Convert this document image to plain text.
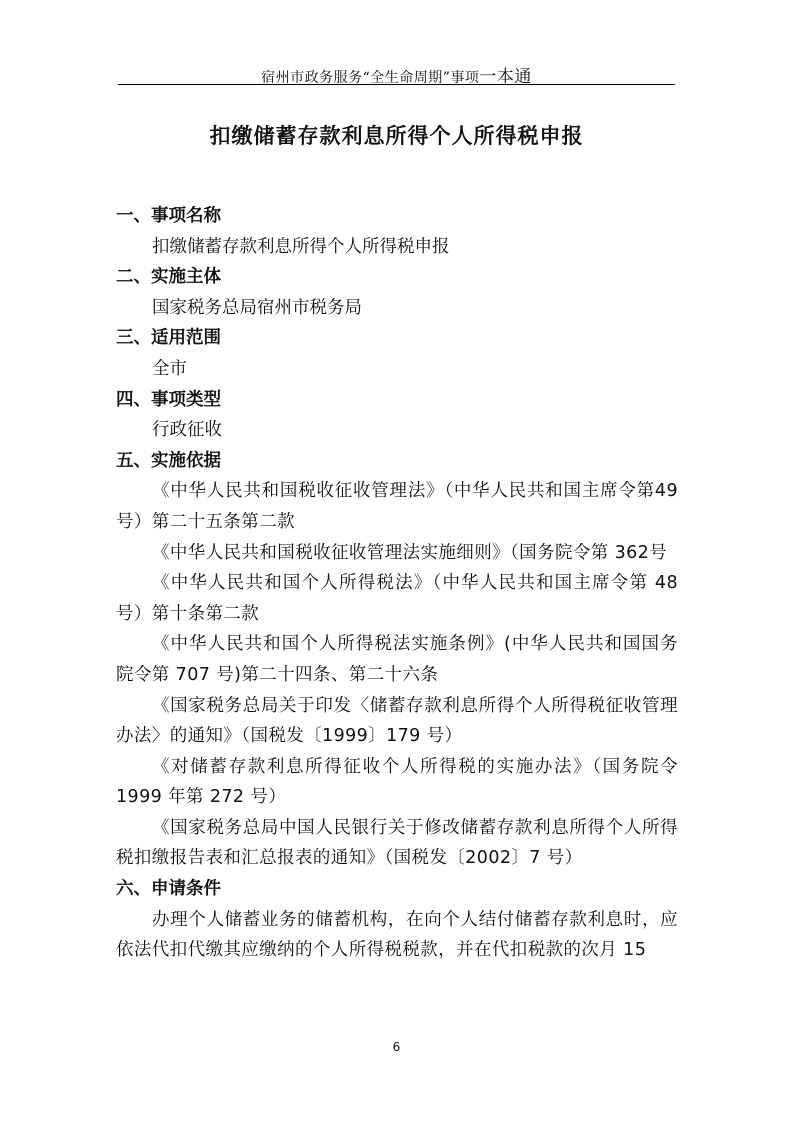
宿州市政务服务“全生命周期”事项一本通
扣缴储蓄存款利息所得个人所得税申报
一、事项名称
扣缴储蓄存款利息所得个人所得税申报
二、实施主体
国家税务总局宿州市税务局
三、适用范围
全市
四、事项类型
行政征收
五、实施依据

《中华人民共和国税收征收管理法》（中华人民共和国主席令第49号）第二十五条第二款

《中华人民共和国税收征收管理法实施细则》（国务院令第 362号

《中华人民共和国个人所得税法》（中华人民共和国主席令第 48号）第十条第二款

《中华人民共和国个人所得税法实施条例》(中华人民共和国国务院令第 707 号)第二十四条、第二十六条

《国家税务总局关于印发〈储蓄存款利息所得个人所得税征收管理办法〉的通知》（国税发〔1999〕179 号）

《对储蓄存款利息所得征收个人所得税的实施办法》（国务院令1999 年第 272 号）

《国家税务总局中国人民银行关于修改储蓄存款利息所得个人所得税扣缴报告表和汇总报表的通知》（国税发〔2002〕7 号）

六、申请条件

办理个人储蓄业务的储蓄机构，在向个人结付储蓄存款利息时，应依法代扣代缴其应缴纳的个人所得税税款，并在代扣税款的次月 15

6
